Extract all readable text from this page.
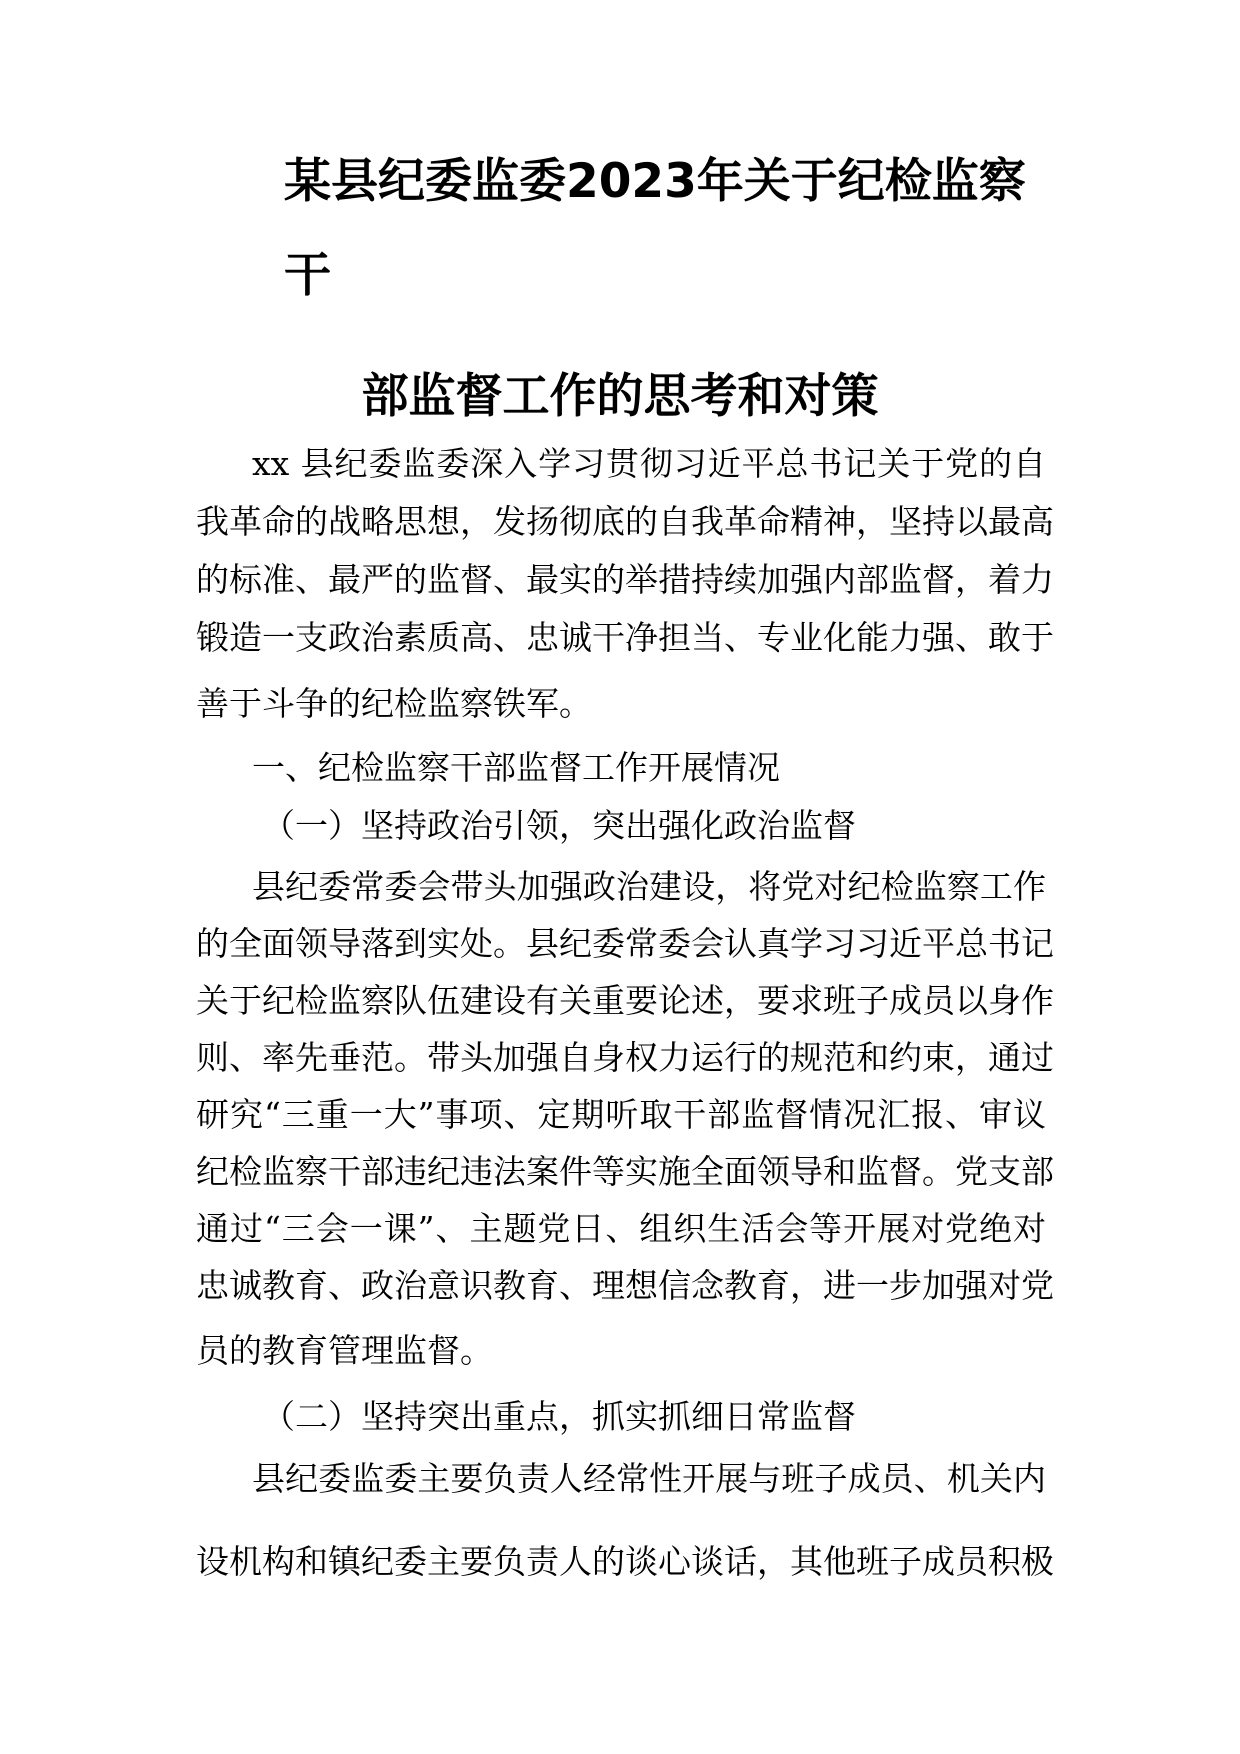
某县纪委监委2023年关于纪检监察
干
部监督工作的思考和对策
xx 县纪委监委深入学习贯彻习近平总书记关于党的自
我革命的战略思想，发扬彻底的自我革命精神，坚持以最高
的标准、最严的监督、最实的举措持续加强内部监督，着力
锻造一支政治素质高、忠诚干净担当、专业化能力强、敢于
善于斗争的纪检监察铁军。
一、纪检监察干部监督工作开展情况
（一）坚持政治引领，突出强化政治监督
县纪委常委会带头加强政治建设，将党对纪检监察工作
的全面领导落到实处。县纪委常委会认真学习习近平总书记
关于纪检监察队伍建设有关重要论述，要求班子成员以身作
则、率先垂范。带头加强自身权力运行的规范和约束，通过
研究“三重一大”事项、定期听取干部监督情况汇报、审议
纪检监察干部违纪违法案件等实施全面领导和监督。党支部
通过“三会一课”、主题党日、组织生活会等开展对党绝对
忠诚教育、政治意识教育、理想信念教育，进一步加强对党
员的教育管理监督。
（二）坚持突出重点，抓实抓细日常监督
县纪委监委主要负责人经常性开展与班子成员、机关内
设机构和镇纪委主要负责人的谈心谈话，其他班子成员积极
